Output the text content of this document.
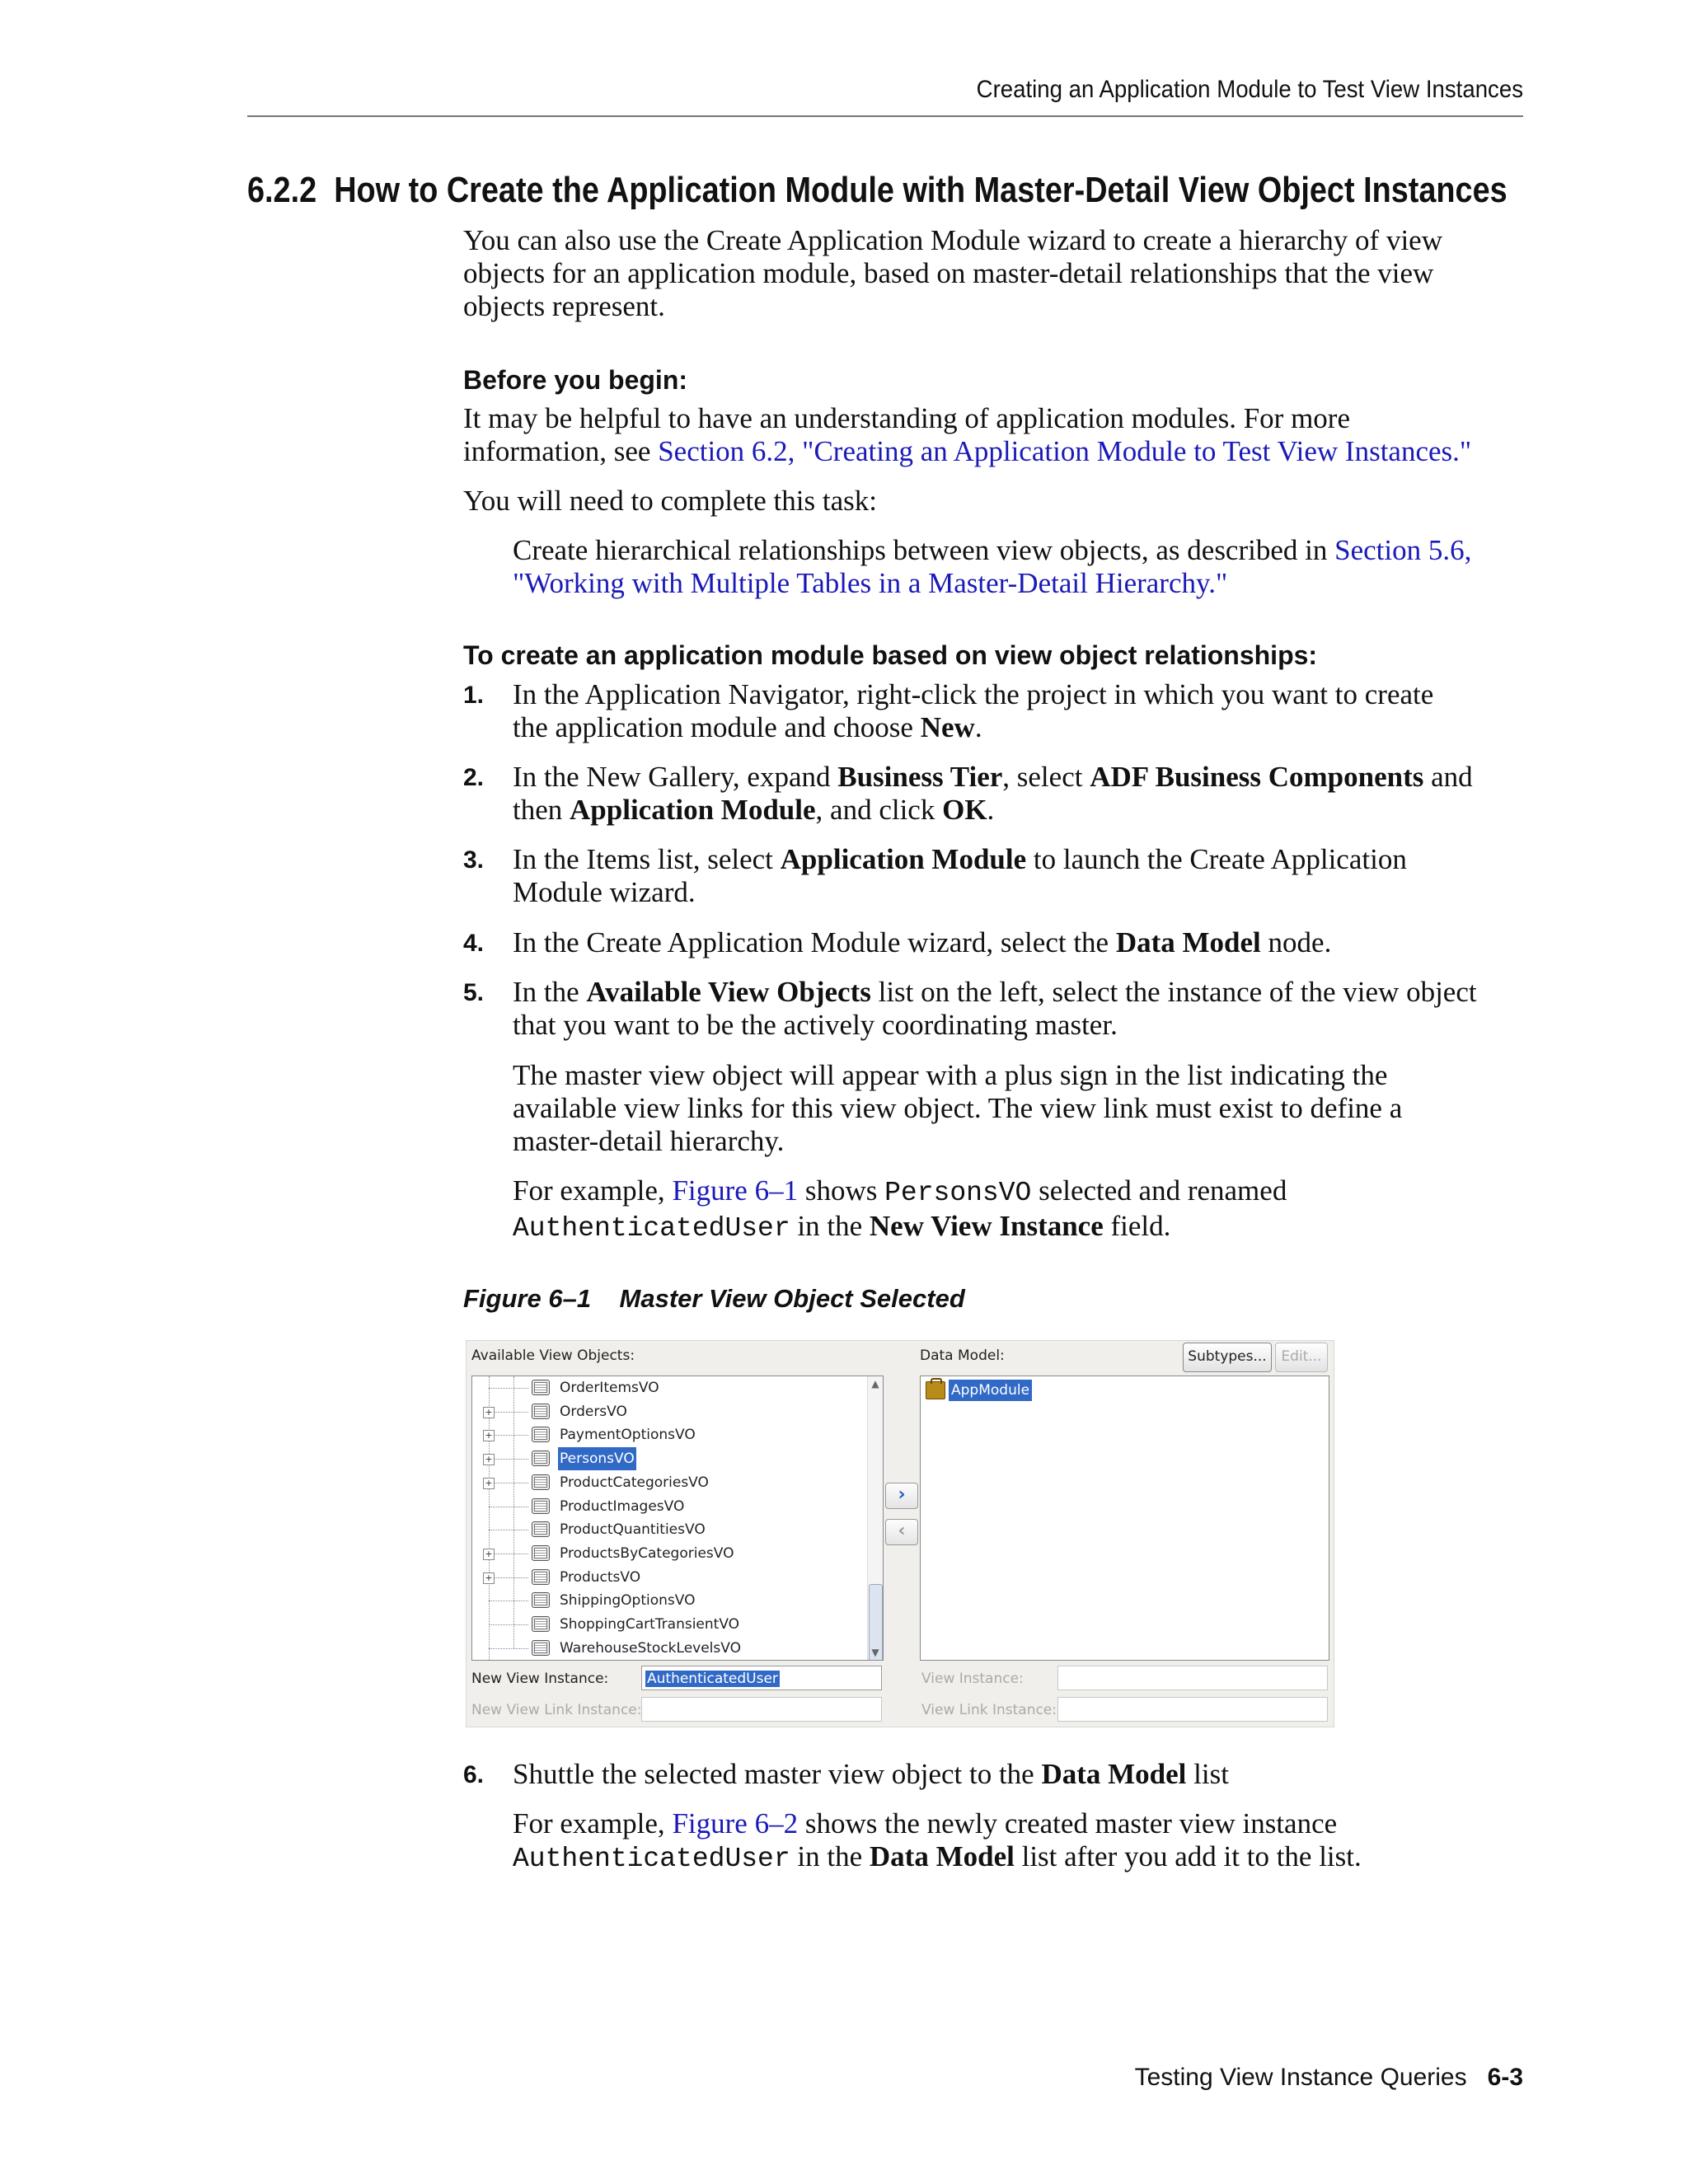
Creating an Application Module to Test View Instances
6.2.2 How to Create the Application Module with Master-Detail View Object Instances
You can also use the Create Application Module wizard to create a hierarchy of view
objects for an application module, based on master-detail relationships that the view
objects represent.
Before you begin:
It may be helpful to have an understanding of application modules. For more
information, see Section 6.2, "Creating an Application Module to Test View Instances."
You will need to complete this task:
Create hierarchical relationships between view objects, as described in Section 5.6,
"Working with Multiple Tables in a Master-Detail Hierarchy."
To create an application module based on view object relationships:
1. In the Application Navigator, right-click the project in which you want to create
the application module and choose New.
2. In the New Gallery, expand Business Tier, select ADF Business Components and
then Application Module, and click OK.
3. In the Items list, select Application Module to launch the Create Application
Module wizard.
4. In the Create Application Module wizard, select the Data Model node.
5. In the Available View Objects list on the left, select the instance of the view object
that you want to be the actively coordinating master.
The master view object will appear with a plus sign in the list indicating the
available view links for this view object. The view link must exist to define a
master-detail hierarchy.
For example, Figure 6–1 shows PersonsVO selected and renamed
AuthenticatedUser in the New View Instance field.
Figure 6–1    Master View Object Selected
Available View Objects:	Data Model:	Subtypes...	Edit...
OrderItemsVO
+	OrdersVO
+	PaymentOptionsVO
+	PersonsVO
+	ProductCategoriesVO
ProductImagesVO
ProductQuantitiesVO
+	ProductsByCategoriesVO
+	ProductsVO
ShippingOptionsVO
ShoppingCartTransientVO
WarehouseStockLevelsVO
▲
▼
›
‹
AppModule
New View Instance:	AuthenticatedUser
New View Link Instance:
View Instance:
View Link Instance:
6. Shuttle the selected master view object to the Data Model list
For example, Figure 6–2 shows the newly created master view instance
AuthenticatedUser in the Data Model list after you add it to the list.
Testing View Instance Queries 6-3
